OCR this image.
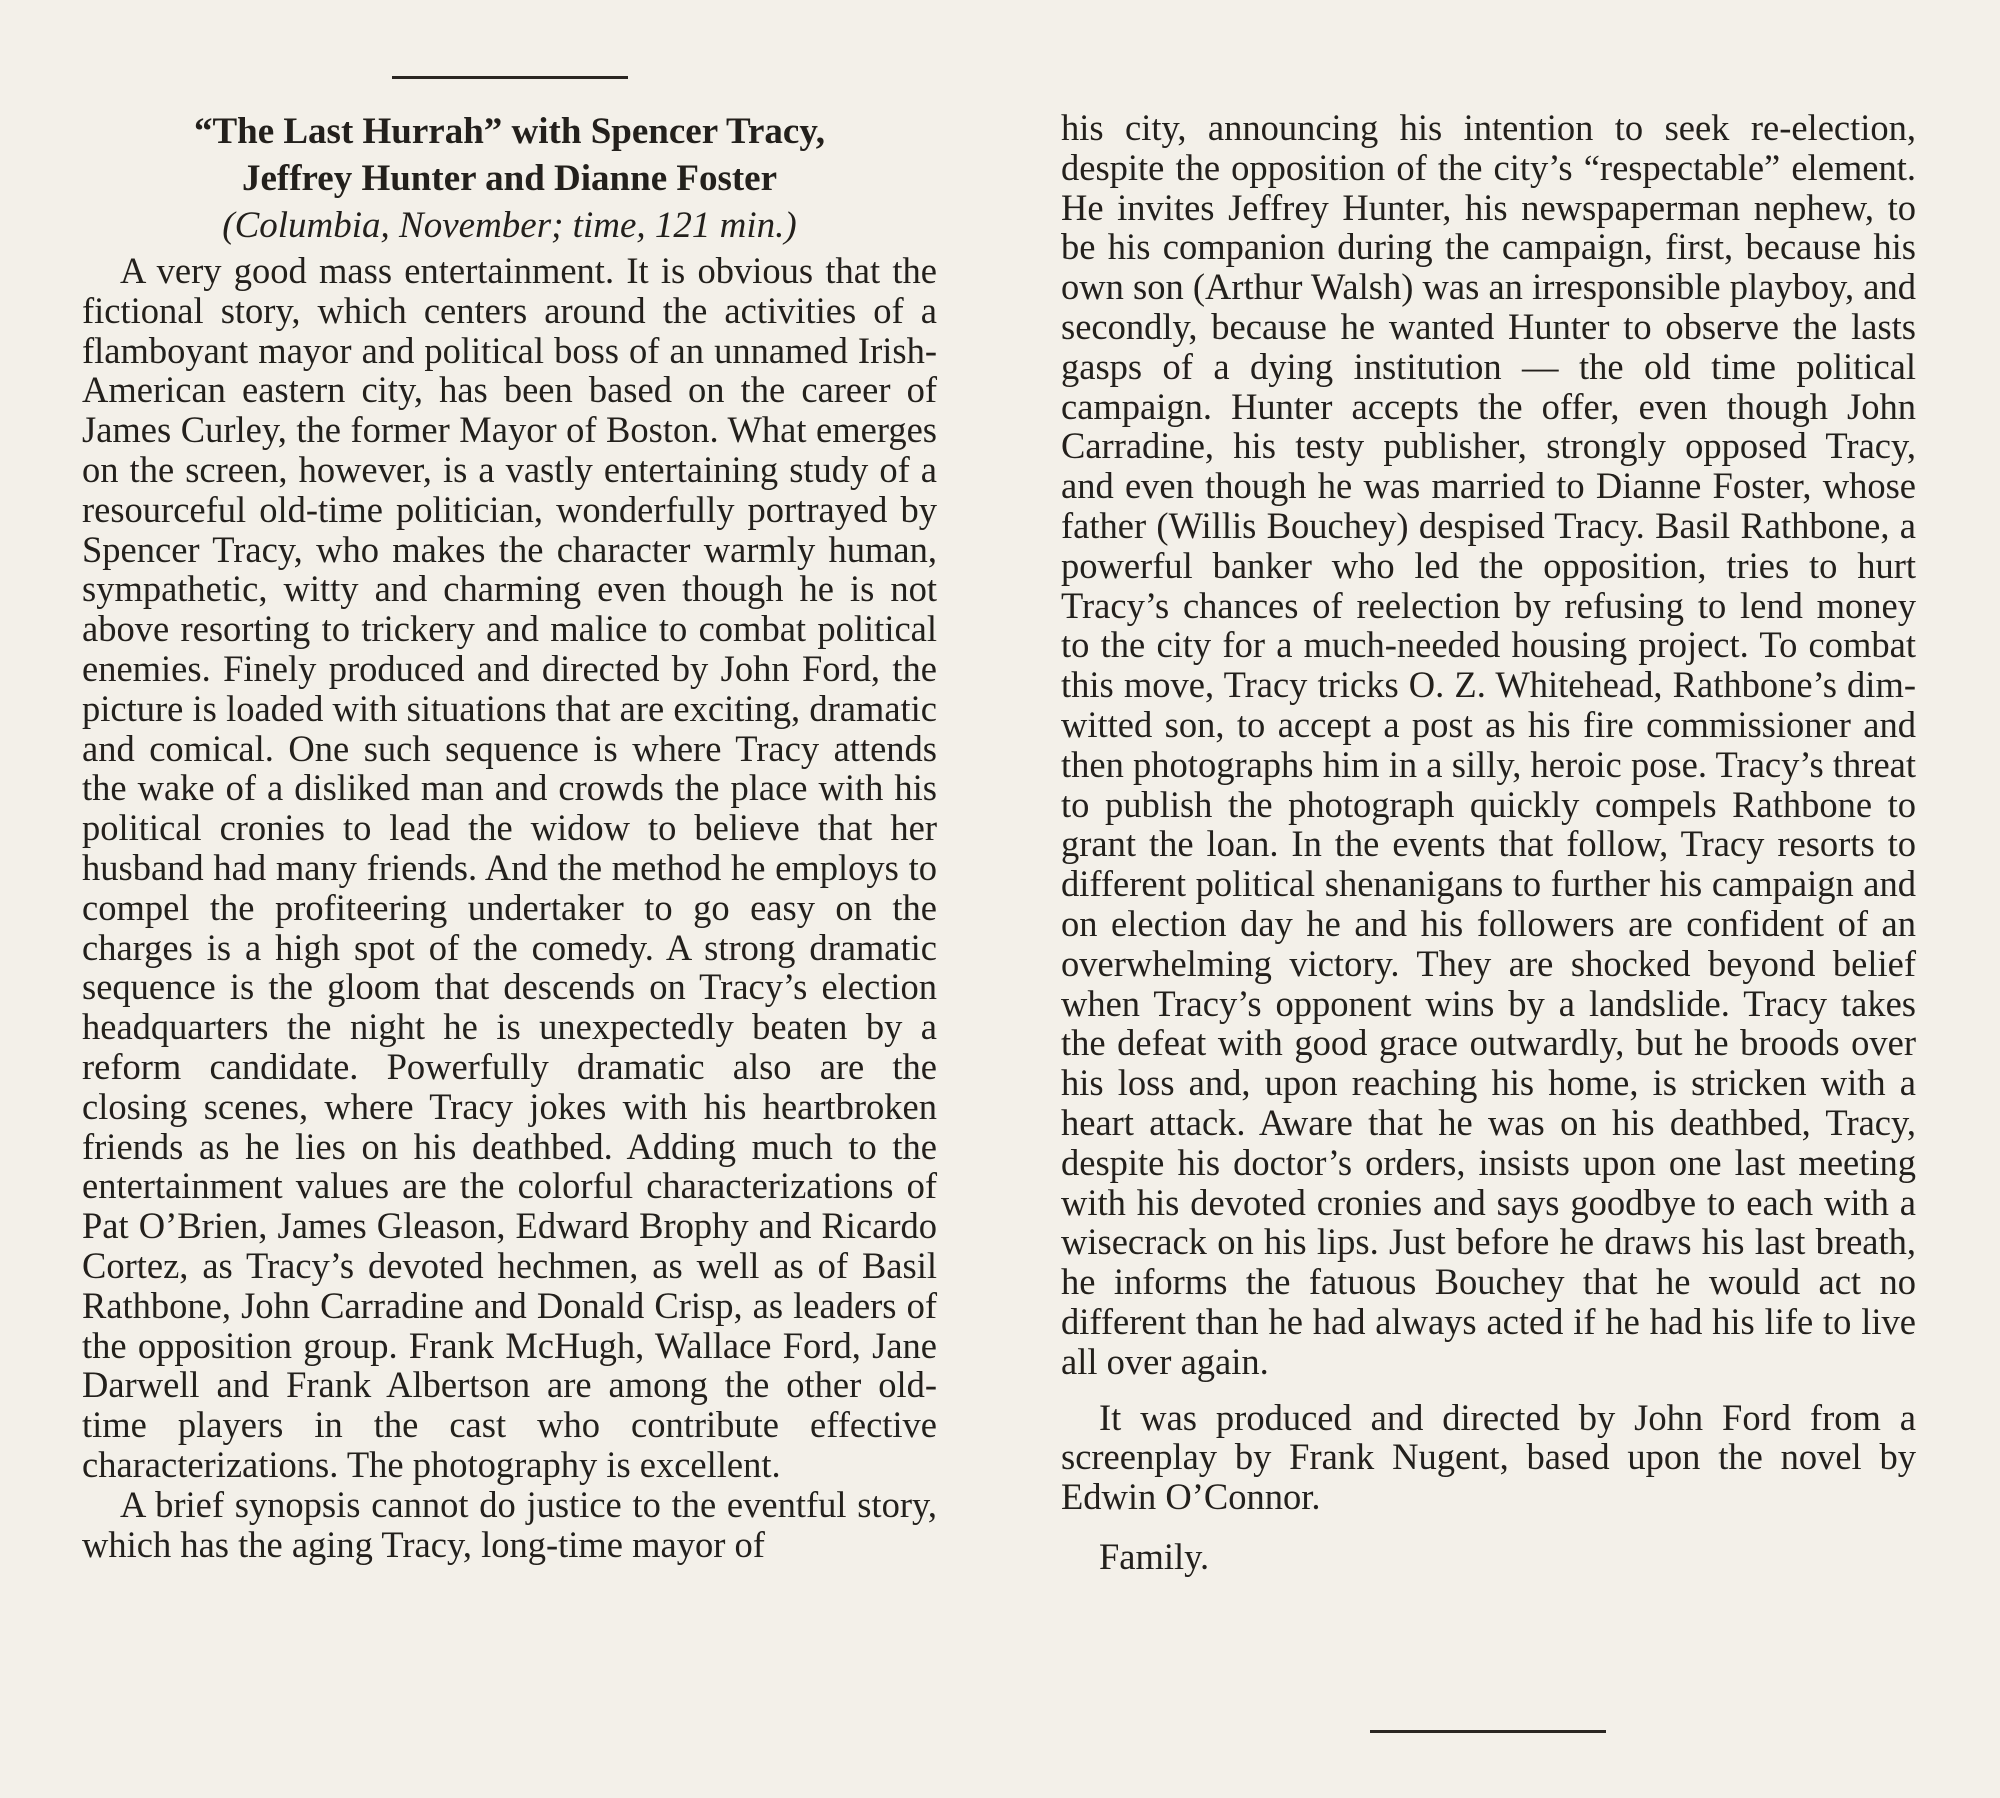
“The Last Hurrah” with Spencer Tracy,
Jeffrey Hunter and Dianne Foster
(Columbia, November; time, 121 min.)

A very good mass entertainment. It is obvious that the fictional story, which centers around the activities of a flamboyant mayor and political boss of an unnamed Irish-American eastern city, has been based on the career of James Curley, the former Mayor of Boston. What emerges on the screen, however, is a vastly entertaining study of a resourceful old-time politician, wonderfully portrayed by Spencer Tracy, who makes the character warmly human, sympathetic, witty and charming even though he is not above resorting to trickery and malice to combat political enemies. Finely produced and directed by John Ford, the picture is loaded with situations that are exciting, dramatic and comical. One such sequence is where Tracy attends the wake of a disliked man and crowds the place with his political cronies to lead the widow to believe that her husband had many friends. And the method he employs to compel the profiteering undertaker to go easy on the charges is a high spot of the comedy. A strong dramatic sequence is the gloom that descends on Tracy’s election headquarters the night he is unexpectedly beaten by a reform candidate. Powerfully dramatic also are the closing scenes, where Tracy jokes with his heartbroken friends as he lies on his deathbed. Adding much to the entertainment values are the colorful characterizations of Pat O’Brien, James Gleason, Edward Brophy and Ricardo Cortez, as Tracy’s devoted hechmen, as well as of Basil Rathbone, John Carradine and Donald Crisp, as leaders of the opposition group. Frank McHugh, Wallace Ford, Jane Darwell and Frank Albertson are among the other old-time players in the cast who contribute effective characterizations. The photography is excellent.

A brief synopsis cannot do justice to the eventful story, which has the aging Tracy, long-time mayor of

his city, announcing his intention to seek re-election, despite the opposition of the city’s “respectable” element. He invites Jeffrey Hunter, his newspaperman nephew, to be his companion during the campaign, first, because his own son (Arthur Walsh) was an irresponsible playboy, and secondly, because he wanted Hunter to observe the lasts gasps of a dying institution — the old time political campaign. Hunter accepts the offer, even though John Carradine, his testy publisher, strongly opposed Tracy, and even though he was married to Dianne Foster, whose father (Willis Bouchey) despised Tracy. Basil Rathbone, a powerful banker who led the opposition, tries to hurt Tracy’s chances of reelection by refusing to lend money to the city for a much-needed housing project. To combat this move, Tracy tricks O. Z. Whitehead, Rathbone’s dim-witted son, to accept a post as his fire commissioner and then photographs him in a silly, heroic pose. Tracy’s threat to publish the photograph quickly compels Rathbone to grant the loan. In the events that follow, Tracy resorts to different political shenanigans to further his campaign and on election day he and his followers are confident of an overwhelming victory. They are shocked beyond belief when Tracy’s opponent wins by a landslide. Tracy takes the defeat with good grace outwardly, but he broods over his loss and, upon reaching his home, is stricken with a heart attack. Aware that he was on his deathbed, Tracy, despite his doctor’s orders, insists upon one last meeting with his devoted cronies and says goodbye to each with a wisecrack on his lips. Just before he draws his last breath, he informs the fatuous Bouchey that he would act no different than he had always acted if he had his life to live all over again.

It was produced and directed by John Ford from a screenplay by Frank Nugent, based upon the novel by Edwin O’Connor.

Family.
